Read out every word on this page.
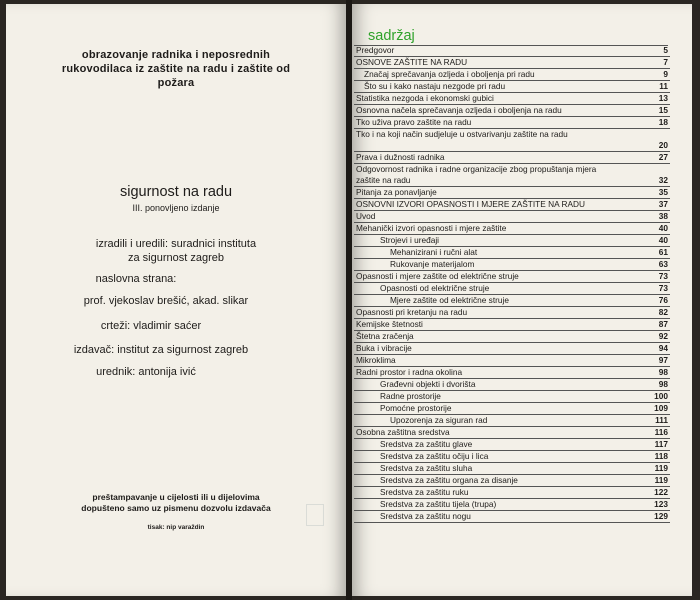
obrazovanje radnika i neposrednih
rukovodilaca iz zaštite na radu i zaštite od
požara
sigurnost na radu
III. ponovljeno izdanje
izradili i uredili: suradnici instituta
za sigurnost zagreb
naslovna strana:
prof. vjekoslav brešić, akad. slikar
crteži: vladimir saćer
izdavač: institut za sigurnost zagreb
urednik: antonija ivić
preštampavanje u cijelosti ili u dijelovima
dopušteno samo uz pismenu dozvolu izdavača
tisak: nip varaždin
sadržaj
Predgovor	5
OSNOVE ZAŠTITE NA RADU	7
Značaj sprečavanja ozljeda i oboljenja pri radu	9
Što su i kako nastaju nezgode pri radu	11
Statistika nezgoda i ekonomski gubici	13
Osnovna načela sprečavanja ozljeda i oboljenja na radu	15
Tko uživa pravo zaštite na radu	18
Tko i na koji način sudjeluje u ostvarivanju zaštite na radu
20
Prava i dužnosti radnika	27
Odgovornost radnika i radne organizacije zbog propuštanja mjera zaštite na radu	32
Pitanja za ponavljanje	35
OSNOVNI IZVORI OPASNOSTI I MJERE ZAŠTITE NA RADU	37
Uvod	38
Mehanički izvori opasnosti i mjere zaštite	40
Strojevi i uređaji	40
Mehanizirani i ručni alat	61
Rukovanje materijalom	63
Opasnosti i mjere zaštite od električne struje	73
Opasnosti od električne struje	73
Mjere zaštite od električne struje	76
Opasnosti pri kretanju na radu	82
Kemijske štetnosti	87
Štetna zračenja	92
Buka i vibracije	94
Mikroklima	97
Radni prostor i radna okolina	98
Građevni objekti i dvorišta	98
Radne prostorije	100
Pomoćne prostorije	109
Upozorenja za siguran rad	111
Osobna zaštitna sredstva	116
Sredstva za zaštitu glave	117
Sredstva za zaštitu očiju i lica	118
Sredstva za zaštitu sluha	119
Sredstva za zaštitu organa za disanje	119
Sredstva za zaštitu ruku	122
Sredstva za zaštitu tijela (trupa)	123
Sredstva za zaštitu nogu	129
